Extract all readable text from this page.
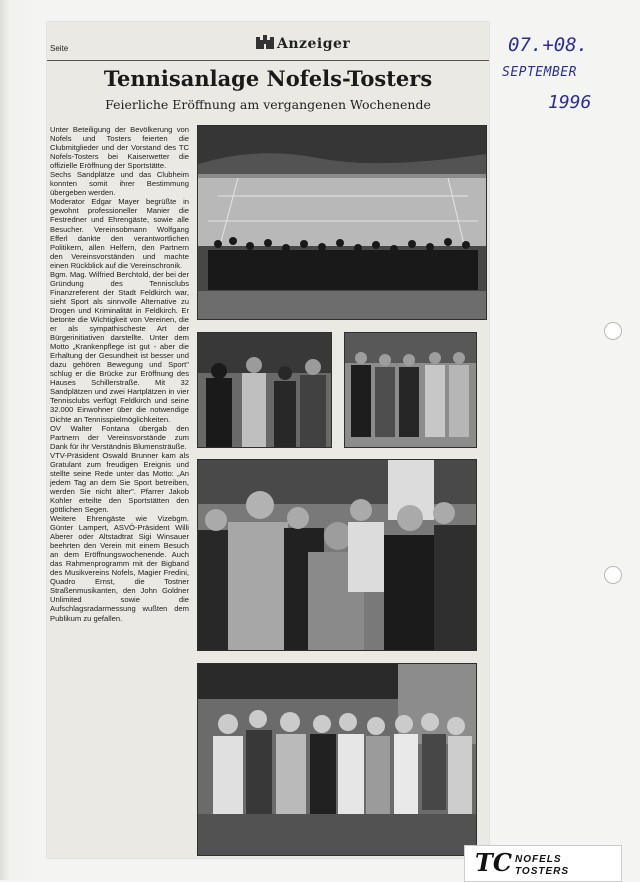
Seite	Anzeiger
Tennisanlage Nofels-Tosters
Feierliche Eröffnung am vergangenen Wochenende

Unter Beteiligung der Bevölkerung von Nofels und Tosters feierten die Clubmitglieder und der Vorstand des TC Nofels-Tosters bei Kaiserwetter die offizielle Eröffnung der Sportstätte.

Sechs Sandplätze und das Clubheim konnten somit ihrer Bestimmung übergeben werden.

Moderator Edgar Mayer begrüßte in gewohnt professioneller Manier die Festredner und Ehrengäste, sowie alle Besucher. Vereinsobmann Wolfgang Efferl dankte den verantwortlichen Politikern, allen Helfern, den Partnern den Vereinsvorständen und machte einen Rückblick auf die Vereinschronik.

Bgm. Mag. Wilfried Berchtold, der bei der Gründung des Tennisclubs Finanzreferent der Stadt Feldkirch war, sieht Sport als sinnvolle Alternative zu Drogen und Kriminalität in Feldkirch. Er betonte die Wichtigkeit von Vereinen, die er als sympathischeste Art der Bürgerinitiativen darstellte. Unter dem Motto „Krankenpflege ist gut - aber die Erhaltung der Gesundheit ist besser und dazu gehören Bewegung und Sport" schlug er die Brücke zur Eröffnung des Hauses Schillerstraße. Mit 32 Sandplätzen und zwei Hartplätzen in vier Tennisclubs verfügt Feldkirch und seine 32.000 Einwohner über die notwendige Dichte an Tennisspielmöglichkeiten.

OV Walter Fontana übergab den Partnern der Vereinsvorstände zum Dank für ihr Verständnis Blumensträuße.

VTV-Präsident Oswald Brunner kam als Gratulant zum freudigen Ereignis und stellte seine Rede unter das Motto: „An jedem Tag an dem Sie Sport betreiben, werden Sie nicht älter". Pfarrer Jakob Kohler erteilte den Sportstätten den göttlichen Segen.

Weitere Ehrengäste wie Vizebgm. Günter Lampert, ASVÖ-Präsident Willi Aberer oder Altstadtrat Sigi Winsauer beehrten den Verein mit einem Besuch an dem Eröffnungswochenende. Auch das Rahmenprogramm mit der Bigband des Musikvereins Nofels, Magier Fredini, Quadro Ernst, die Tostner Straßenmusikanten, den John Goldner Unlimited sowie die Aufschlagsradarmessung wußten dem Publikum zu gefallen.

07.+08.
SEPTEMBER
1996
TC NOFELS
TOSTERS
